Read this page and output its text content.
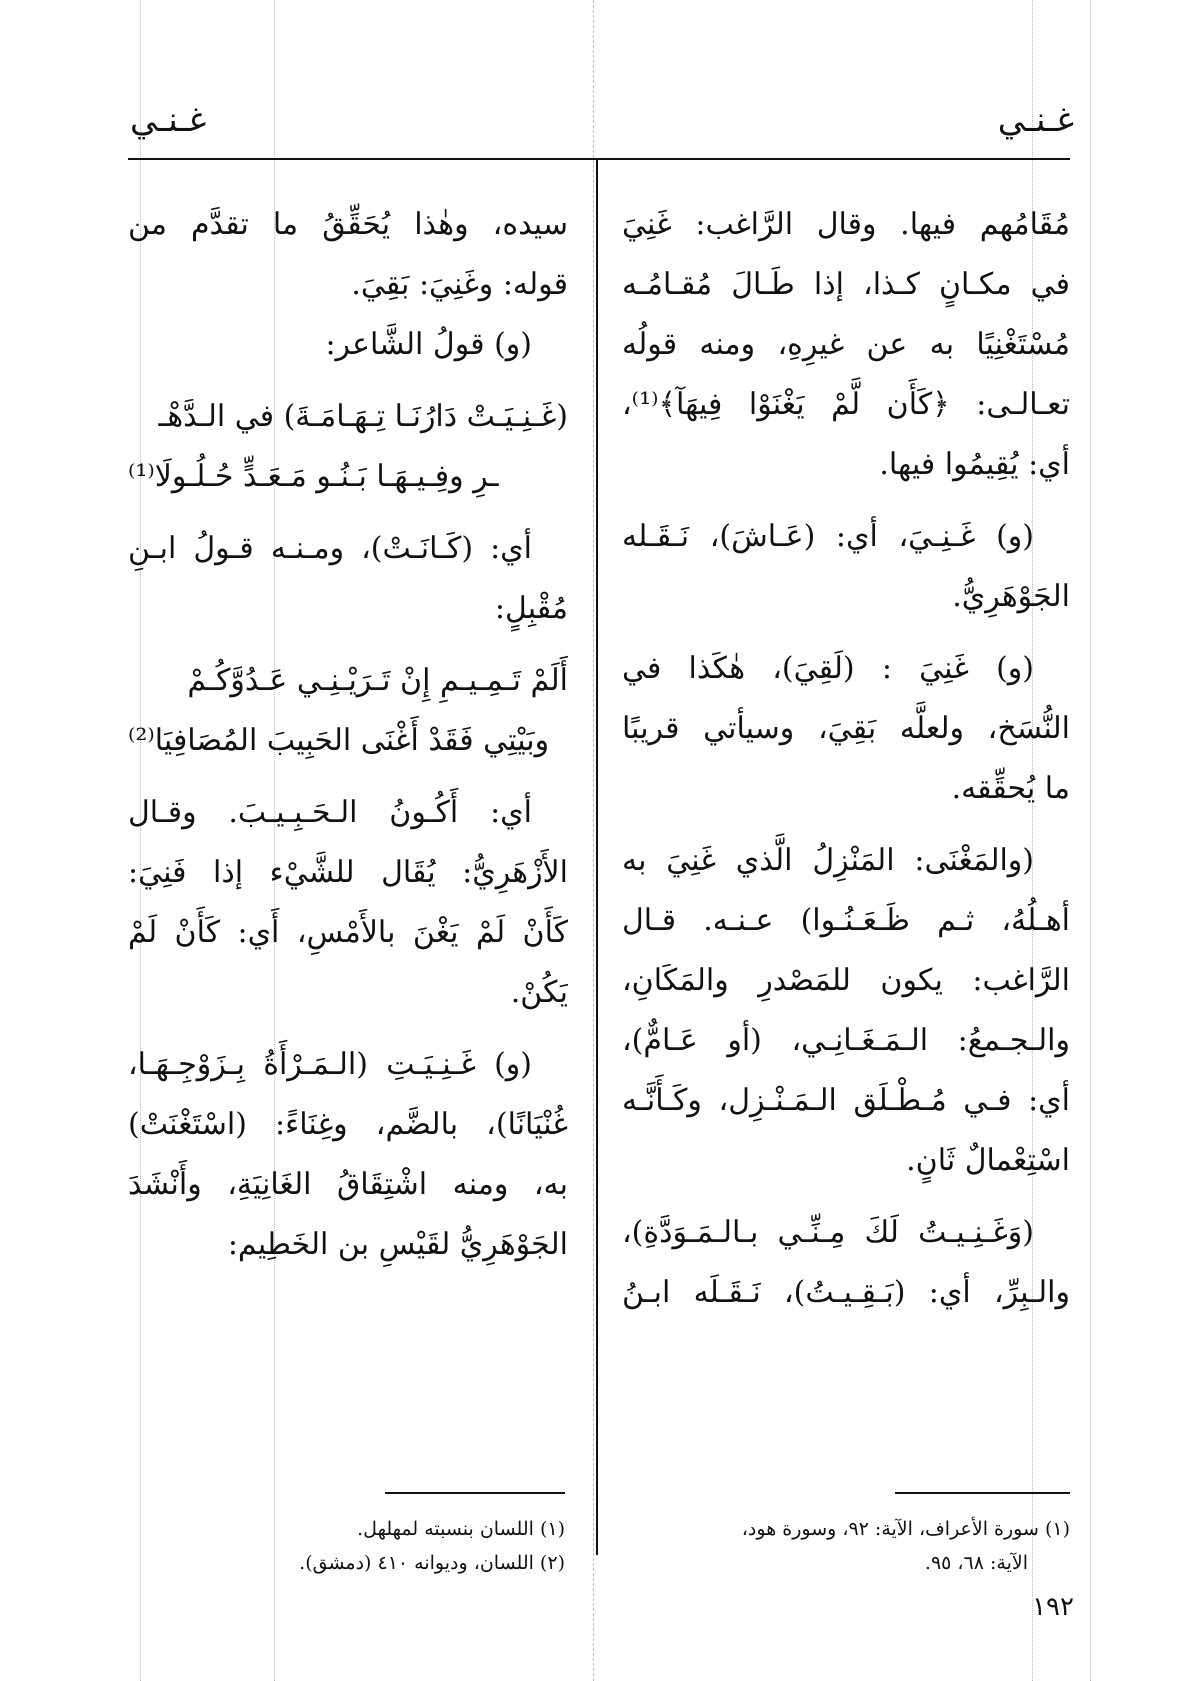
غـنـي
غـنـي
مُقَامُهم فيها. وقال الرَّاغب: غَنِيَ
في مكـانٍ كـذا، إذا طَـالَ مُقـامُـه
مُسْتَغْنِيًا به عن غيرِهِ، ومنه قولُه
تعـالـى: ﴿كَأَن لَّمْ يَغْنَوْا فِيهَآ﴾⁽¹⁾،
أي: يُقِيمُوا فيها.
(و) غَـنِـيَ، أي: (عَـاشَ)، نَـقَـله
الجَوْهَرِيُّ.
(و) غَنِيَ : (لَقِيَ)، هٰكَذا في
النُّسَخ، ولعلَّه بَقِيَ، وسيأتي قريبًا
ما يُحقِّقه.
(والمَغْنَى: المَنْزِلُ الَّذي غَنِيَ به
أهـلُهُ، ثـم ظَـعَـنُـوا) عـنـه. قـال
الرَّاغب: يكون للمَصْدرِ والمَكَانِ،
والـجـمعُ: الـمَـغَـانِـي، (أو عَـامٌّ)،
أي: فـي مُـطْـلَق الـمَـنْـزِل، وكَـأَنَّـه
اسْتِعْمالٌ ثَانٍ.
(وَغَـنِـيـتُ لَكَ مِـنِّـي بـالـمَـوَدَّةِ)،
والـبِرِّ، أي: (بَـقِـيـتُ)، نَـقَـلَه ابـنُ
سيده، وهٰذا يُحَقِّقُ ما تقدَّم من
قوله: وغَنِيَ: بَقِيَ.
(و) قولُ الشَّاعر:
(غَـنِـيَـتْ دَارُنَـا تِـهَـامَـةَ) في الـدَّهْـ
ـرِ وفِـيـهَـا بَـنُـو مَـعَـدٍّ حُـلُـولَا⁽¹⁾
أي: (كَـانَـتْ)، ومـنـه قـولُ ابـنِ
مُقْبِلٍ:
أَلَمْ تَـمِـيـمِ إِنْ تَـرَيْـنِـي عَـدُوَّكُـمْ
وبَيْتِي فَقَدْ أَغْنَى الحَبِيبَ المُصَافِيَا⁽²⁾
أي: أَكُـونُ الـحَـبِـيـبَ. وقـال
الأَزْهَرِيُّ: يُقَال للشَّيْء إذا فَنِيَ:
كَأَنْ لَمْ يَغْنَ بالأَمْسِ، أَي: كَأَنْ لَمْ
يَكُنْ.
(و) غَـنِـيَـتِ (الـمَـرْأَةُ بِـزَوْجِـهَـا،
غُنْيَانًا)، بالضَّم، وغِنَاءً: (اسْتَغْنَتْ)
به، ومنه اشْتِقَاقُ الغَانِيَةِ، وأَنْشَدَ
الجَوْهَرِيُّ لقَيْسِ بن الخَطِيم:
(١) سورة الأعراف، الآية: ٩٢، وسورة هود،
الآية: ٦٨، ٩٥.
(١) اللسان بنسبته لمهلهل.
(٢) اللسان، وديوانه ٤١٠ (دمشق).
١٩٢
